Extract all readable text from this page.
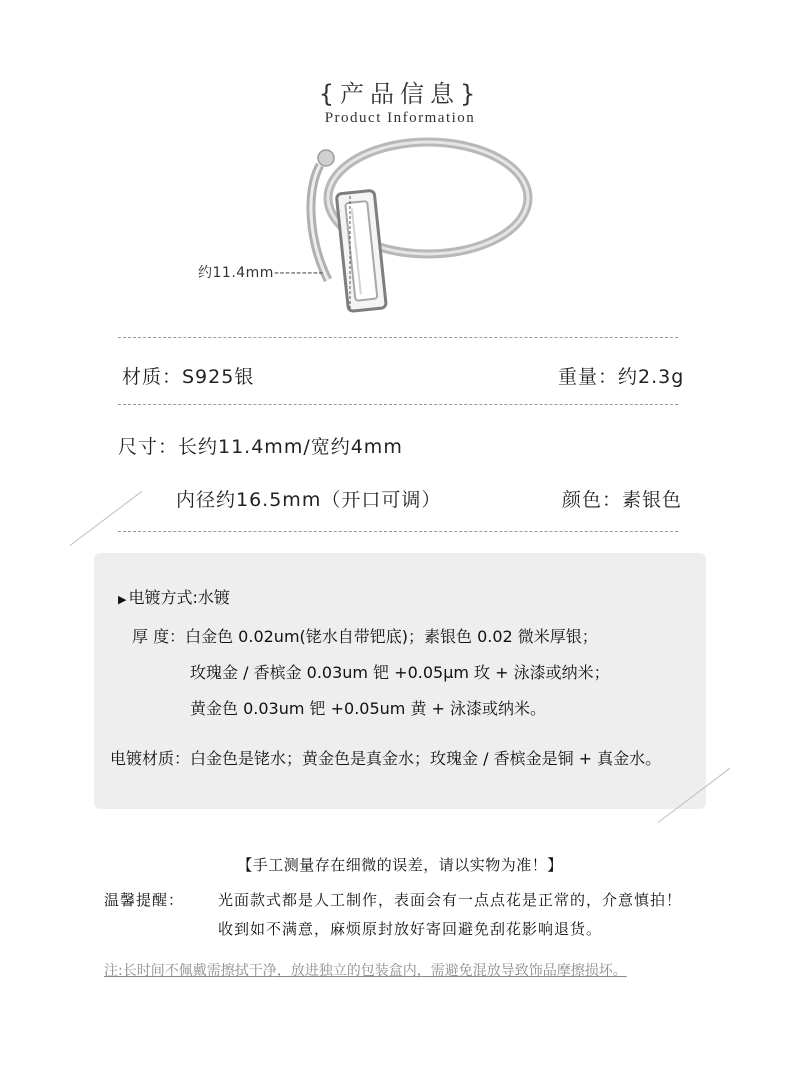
{产品信息}
Product Information
约11.4mm---------
材质：S925银	重量：约2.3g
尺寸：长约11.4mm/宽约4mm
内径约16.5mm（开口可调）	颜色：素银色
▶ 电镀方式:水镀
厚 度：白金色 0.02um(铑水自带钯底)；素银色 0.02 微米厚银；
玫瑰金 / 香槟金 0.03um 钯 +0.05μm 玫 + 泳漆或纳米；
黄金色 0.03um 钯 +0.05um 黄 + 泳漆或纳米。
电镀材质：白金色是铑水；黄金色是真金水；玫瑰金 / 香槟金是铜 + 真金水。
【手工测量存在细微的误差，请以实物为准！】
温馨提醒： 光面款式都是人工制作，表面会有一点点花是正常的，介意慎拍！
收到如不满意，麻烦原封放好寄回避免刮花影响退货。
注:长时间不佩戴需擦拭干净，放进独立的包装盒内，需避免混放导致饰品摩擦损坏。
